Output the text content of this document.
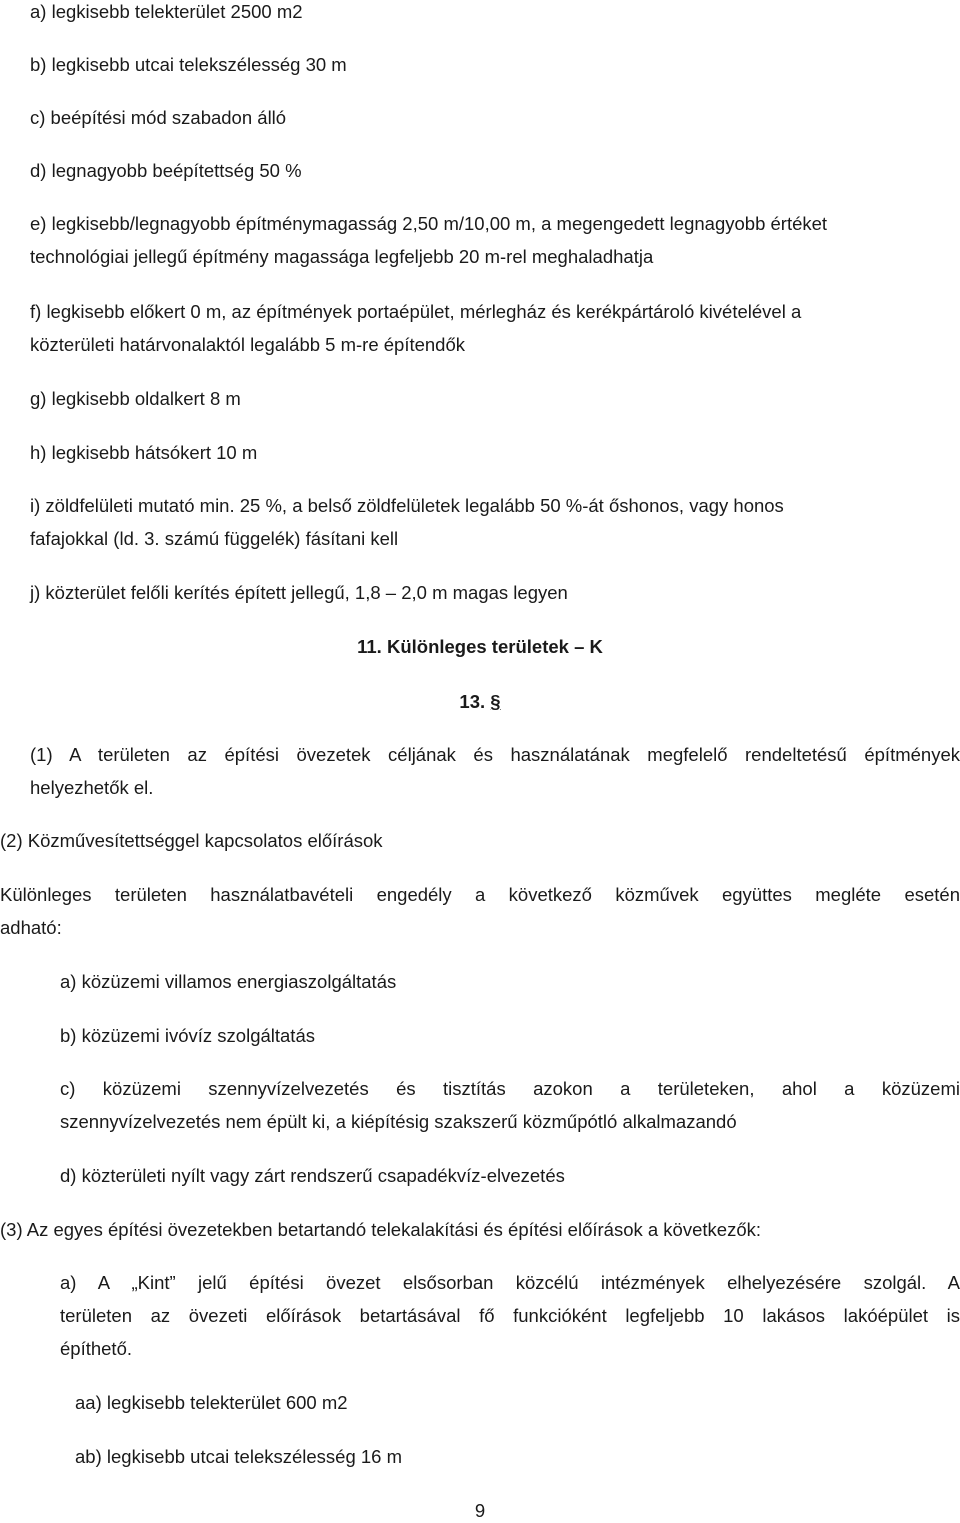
a) legkisebb telekterület 2500 m2

b) legkisebb utcai telekszélesség 30 m

c) beépítési mód szabadon álló

d) legnagyobb beépítettség 50 %

e) legkisebb/legnagyobb építménymagasság 2,50 m/10,00 m, a megengedett legnagyobb értéket

technológiai jellegű építmény magassága legfeljebb 20 m-rel meghaladhatja

f) legkisebb előkert 0 m, az építmények portaépület, mérlegház és kerékpártároló kivételével a

közterületi határvonalaktól legalább 5 m-re építendők

g) legkisebb oldalkert 8 m

h) legkisebb hátsókert 10 m

i) zöldfelületi mutató min. 25 %, a belső zöldfelületek legalább 50 %-át őshonos, vagy honos

fafajokkal (ld. 3. számú függelék) fásítani kell

j) közterület felőli kerítés épített jellegű, 1,8 – 2,0 m magas legyen

11. Különleges területek – K

13. §

(1) A területen az építési övezetek céljának és használatának megfelelő rendeltetésű építmények

helyezhetők el.

(2) Közművesítettséggel kapcsolatos előírások

Különleges területen használatbavételi engedély a következő közművek együttes megléte esetén

adható:

a) közüzemi villamos energiaszolgáltatás

b) közüzemi ivóvíz szolgáltatás

c) közüzemi szennyvízelvezetés és tisztítás azokon a területeken, ahol a közüzemi

szennyvízelvezetés nem épült ki, a kiépítésig szakszerű közműpótló alkalmazandó

d) közterületi nyílt vagy zárt rendszerű csapadékvíz-elvezetés

(3) Az egyes építési övezetekben betartandó telekalakítási és építési előírások a következők:

a) A „Kint” jelű építési övezet elsősorban közcélú intézmények elhelyezésére szolgál. A

területen az övezeti előírások betartásával fő funkcióként legfeljebb 10 lakásos lakóépület is

építhető.

aa) legkisebb telekterület 600 m2

ab) legkisebb utcai telekszélesség 16 m

9
